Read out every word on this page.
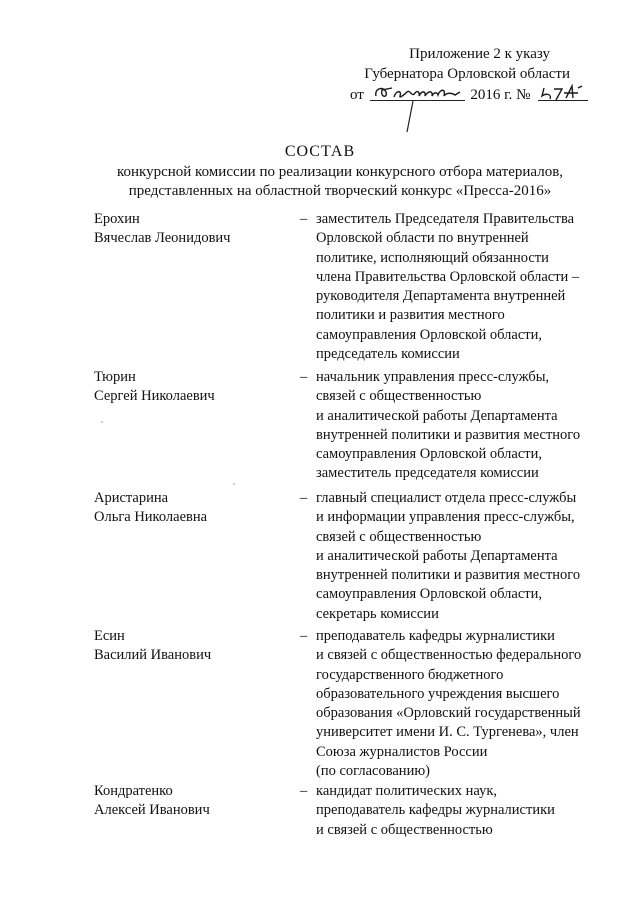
Приложение 2 к указу
Губернатора Орловской области
от	2016 г. №
СОСТАВ
конкурсной комиссии по реализации конкурсного отбора материалов,
представленных на областной творческий конкурс «Пресса-2016»
Ерохин
Вячеслав Леонидович
– заместитель Председателя Правительства
Орловской области по внутренней
политике, исполняющий обязанности
члена Правительства Орловской области –
руководителя Департамента внутренней
политики и развития местного
самоуправления Орловской области,
председатель комиссии
Тюрин
Сергей Николаевич
– начальник управления пресс-службы,
связей с общественностью
и аналитической работы Департамента
внутренней политики и развития местного
самоуправления Орловской области,
заместитель председателя комиссии
Аристарина
Ольга Николаевна
– главный специалист отдела пресс-службы
и информации управления пресс-службы,
связей с общественностью
и аналитической работы Департамента
внутренней политики и развития местного
самоуправления Орловской области,
секретарь комиссии
Есин
Василий Иванович
– преподаватель кафедры журналистики
и связей с общественностью федерального
государственного бюджетного
образовательного учреждения высшего
образования «Орловский государственный
университет имени И. С. Тургенева», член
Союза журналистов России
(по согласованию)
Кондратенко
Алексей Иванович
– кандидат политических наук,
преподаватель кафедры журналистики
и связей с общественностью
